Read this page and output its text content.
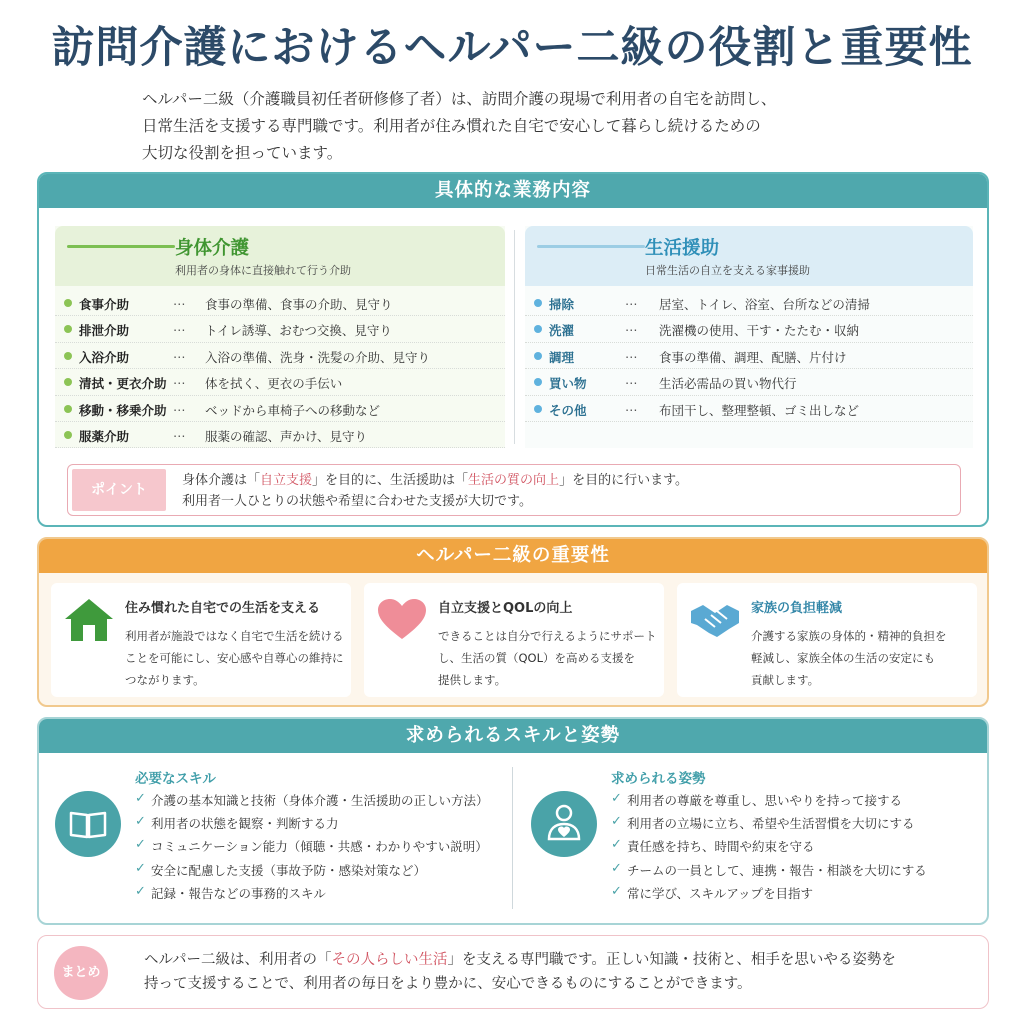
訪問介護におけるヘルパー二級の役割と重要性

ヘルパー二級（介護職員初任者研修修了者）は、訪問介護の現場で利用者の自宅を訪問し、

日常生活を支援する専門職です。利用者が住み慣れた自宅で安心して暮らし続けるための

大切な役割を担っています。

具体的な業務内容
身体介護
利用者の身体に直接触れて行う介助
食事介助	… 食事の準備、食事の介助、見守り
排泄介助	… トイレ誘導、おむつ交換、見守り
入浴介助	… 入浴の準備、洗身・洗髪の介助、見守り
清拭・更衣介助 … 体を拭く、更衣の手伝い
移動・移乗介助 … ベッドから車椅子への移動など
服薬介助	… 服薬の確認、声かけ、見守り
生活援助
日常生活の自立を支える家事援助
掃除	… 居室、トイレ、浴室、台所などの清掃
洗濯	… 洗濯機の使用、干す・たたむ・収納
調理	… 食事の準備、調理、配膳、片付け
買い物	… 生活必需品の買い物代行
その他	… 布団干し、整理整頓、ゴミ出しなど
ポイント
身体介護は「自立支援」を目的に、生活援助は「生活の質の向上」を目的に行います。
利用者一人ひとりの状態や希望に合わせた支援が大切です。
ヘルパー二級の重要性
住み慣れた自宅での生活を支える
利用者が施設ではなく自宅で生活を続ける
ことを可能にし、安心感や自尊心の維持に
つながります。
自立支援とQOLの向上
できることは自分で行えるようにサポート
し、生活の質（QOL）を高める支援を
提供します。
家族の負担軽減
介護する家族の身体的・精神的負担を
軽減し、家族全体の生活の安定にも
貢献します。
求められるスキルと姿勢
必要なスキル
✓ 介護の基本知識と技術（身体介護・生活援助の正しい方法）
✓ 利用者の状態を観察・判断する力
✓ コミュニケーション能力（傾聴・共感・わかりやすい説明）
✓ 安全に配慮した支援（事故予防・感染対策など）
✓ 記録・報告などの事務的スキル
求められる姿勢
✓ 利用者の尊厳を尊重し、思いやりを持って接する
✓ 利用者の立場に立ち、希望や生活習慣を大切にする
✓ 責任感を持ち、時間や約束を守る
✓ チームの一員として、連携・報告・相談を大切にする
✓ 常に学び、スキルアップを目指す
まとめ

ヘルパー二級は、利用者の「その人らしい生活」を支える専門職です。正しい知識・技術と、相手を思いやる姿勢を

持って支援することで、利用者の毎日をより豊かに、安心できるものにすることができます。
